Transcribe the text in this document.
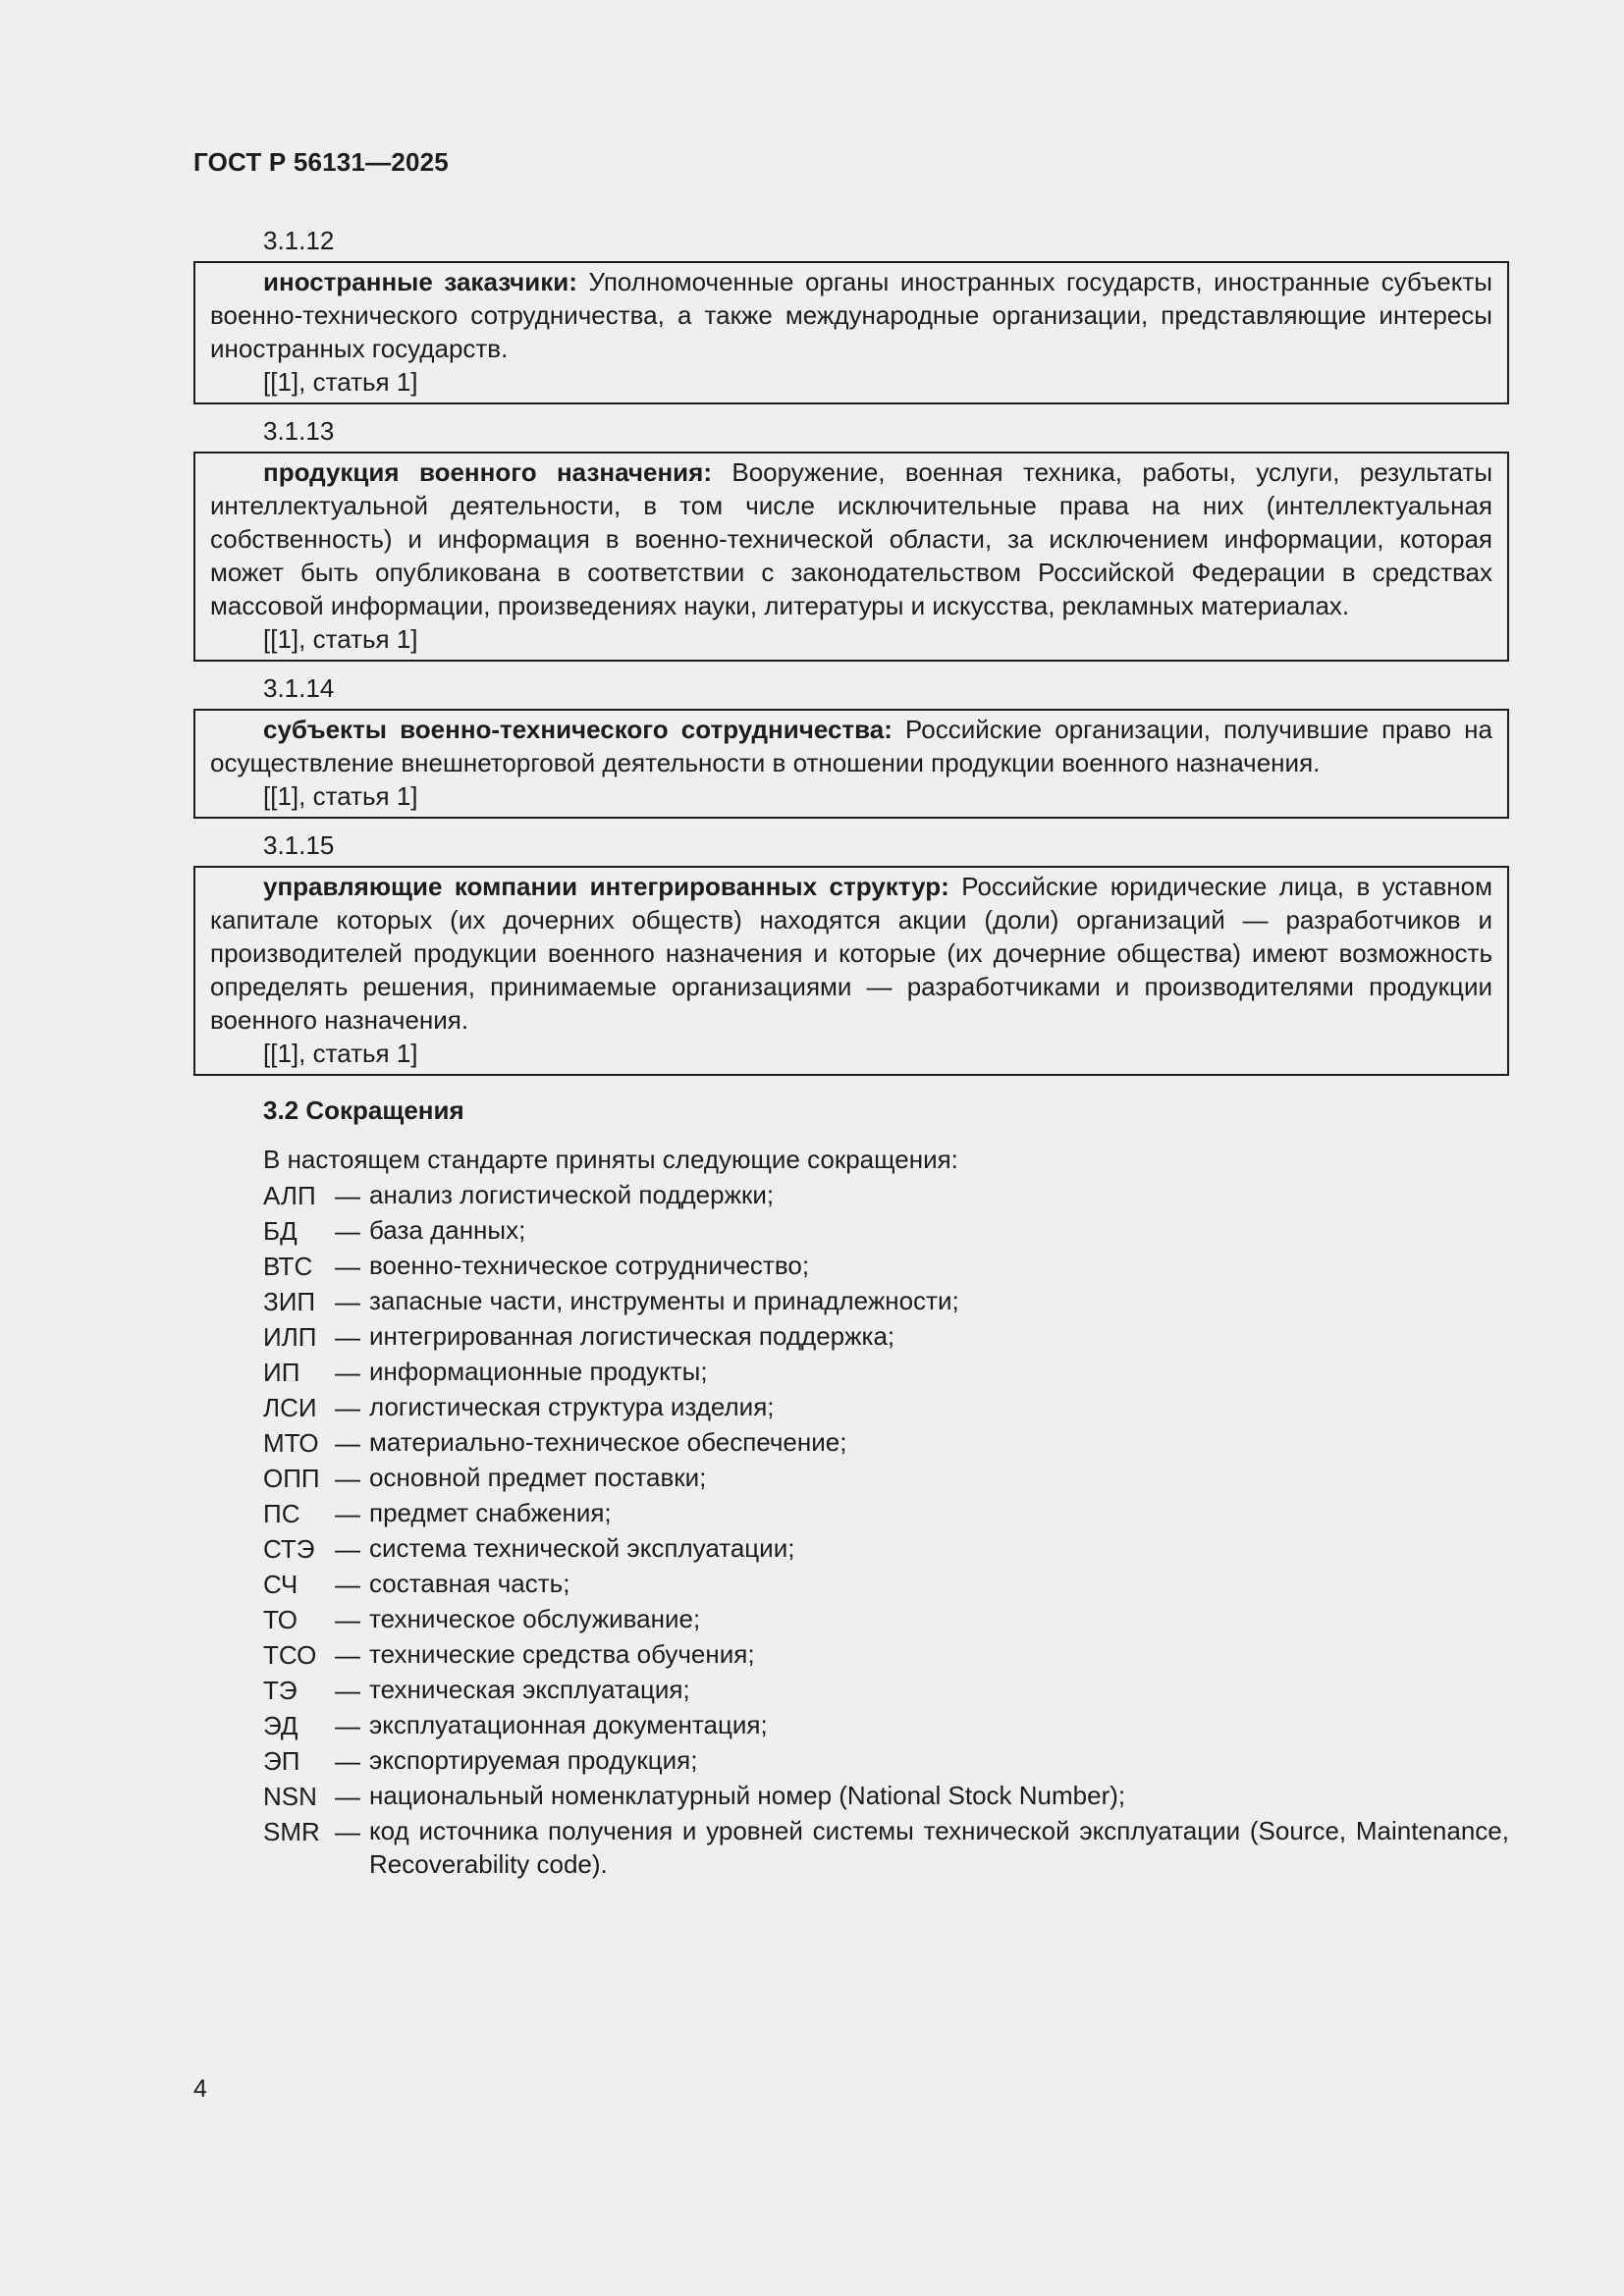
ГОСТ Р 56131—2025
3.1.12

иностранные заказчики: Уполномоченные органы иностранных государств, иностранные субъекты военно-технического сотрудничества, а также международные организации, представляющие интересы иностранных государств.

[[1], статья 1]
3.1.13

продукция военного назначения: Вооружение, военная техника, работы, услуги, результаты интеллектуальной деятельности, в том числе исключительные права на них (интеллектуальная собственность) и информация в военно-технической области, за исключением информации, которая может быть опубликована в соответствии с законодательством Российской Федерации в средствах массовой информации, произведениях науки, литературы и искусства, рекламных материалах.

[[1], статья 1]
3.1.14

субъекты военно-технического сотрудничества: Российские организации, получившие право на осуществление внешнеторговой деятельности в отношении продукции военного назначения.

[[1], статья 1]
3.1.15

управляющие компании интегрированных структур: Российские юридические лица, в уставном капитале которых (их дочерних обществ) находятся акции (доли) организаций — разработчиков и производителей продукции военного назначения и которые (их дочерние общества) имеют возможность определять решения, принимаемые организациями — разработчиками и производителями продукции военного назначения.

[[1], статья 1]
3.2 Сокращения
В настоящем стандарте приняты следующие сокращения:
АЛП — анализ логистической поддержки;
БД	— база данных;
ВТС — военно-техническое сотрудничество;
ЗИП — запасные части, инструменты и принадлежности;
ИЛП — интегрированная логистическая поддержка;
ИП	— информационные продукты;
ЛСИ — логистическая структура изделия;
МТО — материально-техническое обеспечение;
ОПП — основной предмет поставки;
ПС	— предмет снабжения;
СТЭ — система технической эксплуатации;
СЧ	— составная часть;
ТО	— техническое обслуживание;
ТСО — технические средства обучения;
ТЭ	— техническая эксплуатация;
ЭД	— эксплуатационная документация;
ЭП	— экспортируемая продукция;
NSN — национальный номенклатурный номер (National Stock Number);
SMR — код источника получения и уровней системы технической эксплуатации (Source, Maintenance, Recoverability code).
4
